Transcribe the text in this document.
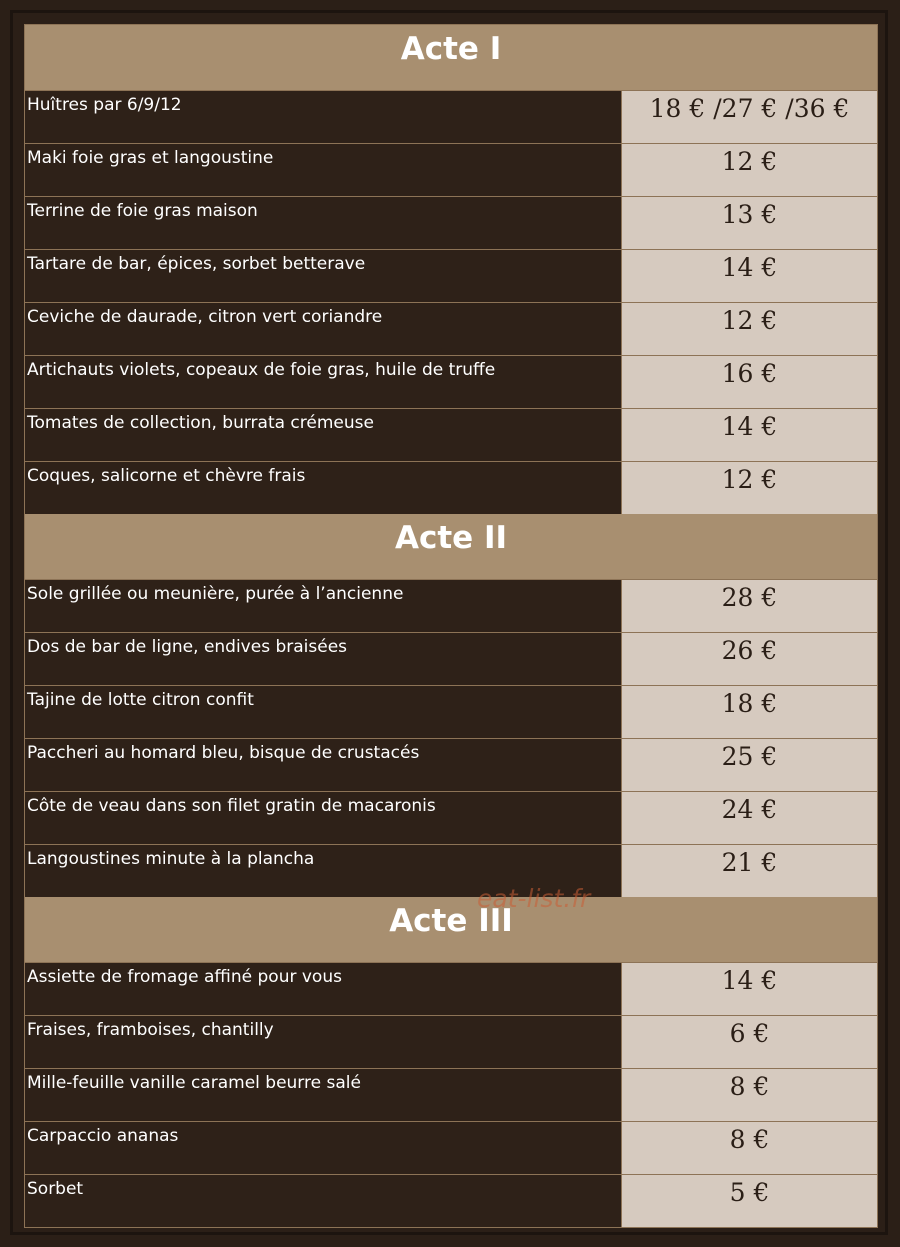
Acte I
Huîtres par 6/9/12	18 € /27 € /36 €
Maki foie gras et langoustine	12 €
Terrine de foie gras maison	13 €
Tartare de bar, épices, sorbet betterave	14 €
Ceviche de daurade, citron vert coriandre	12 €
Artichauts violets, copeaux de foie gras, huile de truffe	16 €
Tomates de collection, burrata crémeuse	14 €
Coques, salicorne et chèvre frais	12 €
Acte II
Sole grillée ou meunière, purée à l’ancienne	28 €
Dos de bar de ligne, endives braisées	26 €
Tajine de lotte citron confit	18 €
Paccheri au homard bleu, bisque de crustacés	25 €
Côte de veau dans son filet gratin de macaronis	24 €
Langoustines minute à la plancha	21 €
Acte III
Assiette de fromage affiné pour vous	14 €
Fraises, framboises, chantilly	6 €
Mille-feuille vanille caramel beurre salé	8 €
Carpaccio ananas	8 €
Sorbet	5 €
eat-list.fr
